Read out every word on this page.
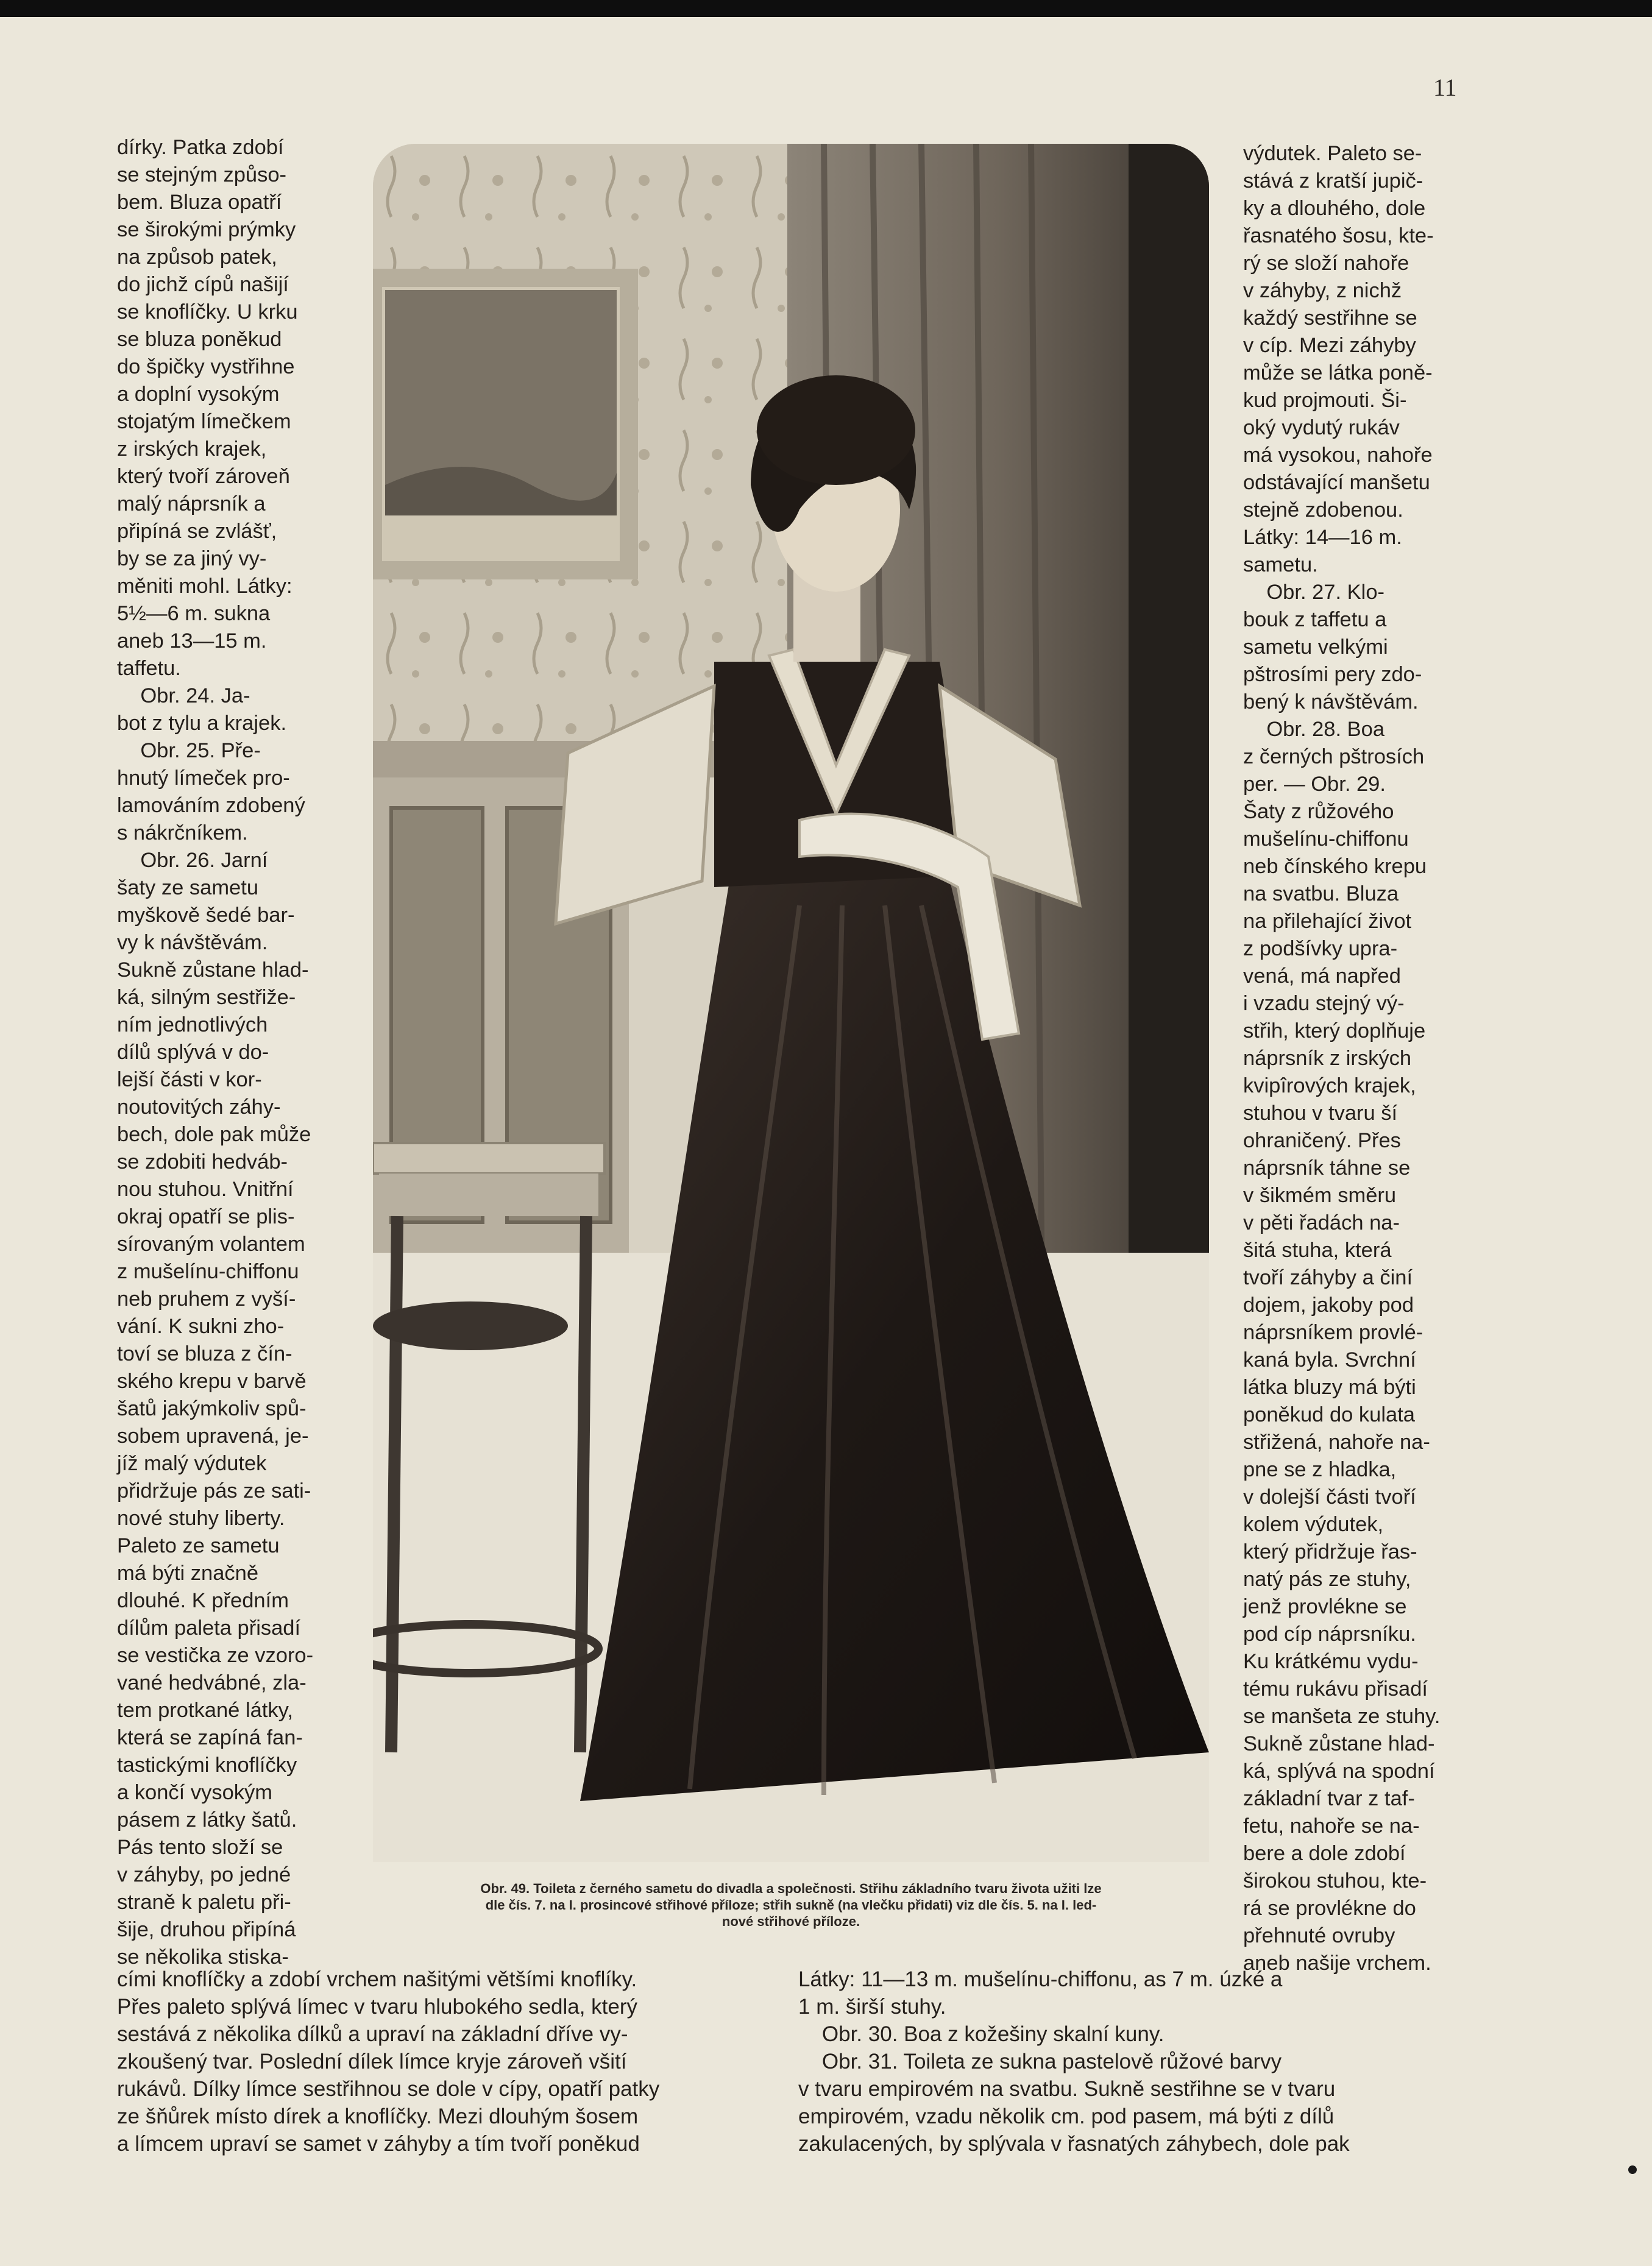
11
dírky. Patka zdobí
se stejným způso-
bem. Bluza opatří
se širokými prýmky
na způsob patek,
do jichž cípů našijí
se knoflíčky. U krku
se bluza poněkud
do špičky vystřihne
a doplní vysokým
stojatým límečkem
z irských krajek,
který tvoří zároveň
malý náprsník a
připíná se zvlášť,
by se za jiný vy-
měniti mohl. Látky:
5½—6 m. sukna
aneb 13—15 m.
taffetu.
Obr. 24. Ja-
bot z tylu a krajek.
Obr. 25. Pře-
hnutý límeček pro-
lamováním zdobený
s nákrčníkem.
Obr. 26. Jarní
šaty ze sametu
myškově šedé bar-
vy k návštěvám.
Sukně zůstane hlad-
ká, silným sestřiže-
ním jednotlivých
dílů splývá v do-
lejší části v kor-
noutovitých záhy-
bech, dole pak může
se zdobiti hedváb-
nou stuhou. Vnitřní
okraj opatří se plis-
sírovaným volantem
z mušelínu-chiffonu
neb pruhem z vyší-
vání. K sukni zho-
toví se bluza z čín-
ského krepu v barvě
šatů jakýmkoliv spů-
sobem upravená, je-
jíž malý výdutek
přidržuje pás ze sati-
nové stuhy liberty.
Paleto ze sametu
má býti značně
dlouhé. K předním
dílům paleta přisadí
se vestička ze vzoro-
vané hedvábné, zla-
tem protkané látky,
která se zapíná fan-
tastickými knoflíčky
a končí vysokým
pásem z látky šatů.
Pás tento složí se
v záhyby, po jedné
straně k paletu při-
šije, druhou připíná
se několika stiska-
Obr. 49. Toileta z černého sametu do divadla a společnosti. Střihu základního tvaru života užiti lze
dle čís. 7. na I. prosincové střihové příloze; střih sukně (na vlečku přidati) viz dle čís. 5. na I. led-
nové střihové příloze.
výdutek. Paleto se-
stává z kratší jupič-
ky a dlouhého, dole
řasnatého šosu, kte-
rý se složí nahoře
v záhyby, z nichž
každý sestřihne se
v cíp. Mezi záhyby
může se látka poně-
kud projmouti. Ši-
oký vydutý rukáv
má vysokou, nahoře
odstávající manšetu
stejně zdobenou.
Látky: 14—16 m.
sametu.
Obr. 27. Klo-
bouk z taffetu a
sametu velkými
pštrosími pery zdo-
bený k návštěvám.
Obr. 28. Boa
z černých pštrosích
per. — Obr. 29.
Šaty z růžového
mušelínu-chiffonu
neb čínského krepu
na svatbu. Bluza
na přilehající život
z podšívky upra-
vená, má napřed
i vzadu stejný vý-
střih, který doplňuje
náprsník z irských
kvipîrových krajek,
stuhou v tvaru ší
ohraničený. Přes
náprsník táhne se
v šikmém směru
v pěti řadách na-
šitá stuha, která
tvoří záhyby a činí
dojem, jakoby pod
náprsníkem provlé-
kaná byla. Svrchní
látka bluzy má býti
poněkud do kulata
střižená, nahoře na-
pne se z hladka,
v dolejší části tvoří
kolem výdutek,
který přidržuje řas-
natý pás ze stuhy,
jenž provlékne se
pod cíp náprsníku.
Ku krátkému vydu-
tému rukávu přisadí
se manšeta ze stuhy.
Sukně zůstane hlad-
ká, splývá na spodní
základní tvar z taf-
fetu, nahoře se na-
bere a dole zdobí
širokou stuhou, kte-
rá se provlékne do
přehnuté ovruby
aneb našije vrchem.
cími knoflíčky a zdobí vrchem našitými většími knoflíky.
Přes paleto splývá límec v tvaru hlubokého sedla, který
sestává z několika dílků a upraví na základní dříve vy-
zkoušený tvar. Poslední dílek límce kryje zároveň všití
rukávů. Dílky límce sestřihnou se dole v cípy, opatří patky
ze šňůrek místo dírek a knoflíčky. Mezi dlouhým šosem
a límcem upraví se samet v záhyby a tím tvoří poněkud
Látky: 11—13 m. mušelínu-chiffonu, as 7 m. úzké a
1 m. širší stuhy.
Obr. 30. Boa z kožešiny skalní kuny.
Obr. 31. Toileta ze sukna pastelově růžové barvy
v tvaru empirovém na svatbu. Sukně sestřihne se v tvaru
empirovém, vzadu několik cm. pod pasem, má býti z dílů
zakulacených, by splývala v řasnatých záhybech, dole pak
